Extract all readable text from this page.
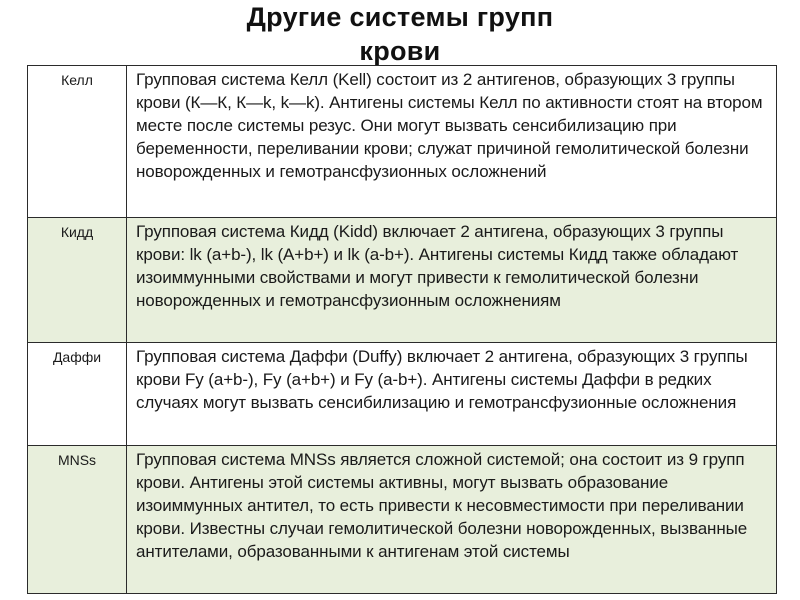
Другие системы групп
крови
Келл	Групповая система Келл (Kell) состоит из 2 антигенов, образующих 3 группы крови (К—К, К—k, k—k). Антигены системы Келл по активности стоят на втором месте после системы резус. Они могут вызвать сенсибилизацию при беременности, переливании крови; служат причиной гемолитической болезни новорожденных и гемотрансфузионных осложнений
Кидд	Групповая система Кидд (Kidd) включает 2 антигена, образующих 3 группы крови: lk (a+b-), lk (A+b+) и lk (a-b+). Антигены системы Кидд также обладают изоиммунными свойствами и могут привести к гемолитической болезни новорожденных и гемотрансфузионным осложнениям
Даффи	Групповая система Даффи (Duffy) включает 2 антигена, образующих 3 группы крови Fy (a+b-), Fy (a+b+) и Fy (a-b+). Антигены системы Даффи в редких случаях могут вызвать сенсибилизацию и гемотрансфузионные осложнения
MNSs	Групповая система MNSs является сложной системой; она состоит из 9 групп крови. Антигены этой системы активны, могут вызвать образование изоиммунных антител, то есть привести к несовместимости при переливании крови. Известны случаи гемолитической болезни новорожденных, вызванные антителами, образованными к антигенам этой системы
